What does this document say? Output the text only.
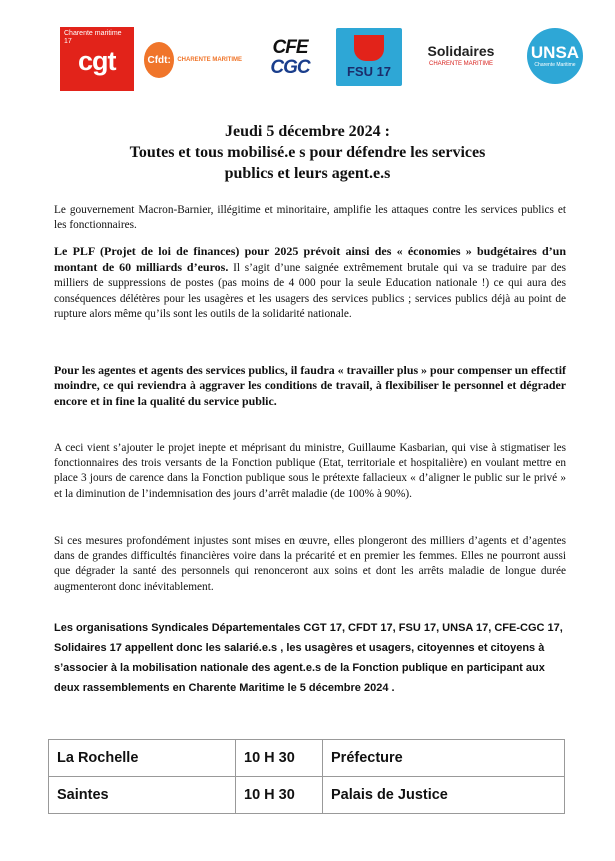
Charente maritime
17
cgt	Cfdt:	CHARENTE MARITIME
CFE
CGC	FSU 17
Solidaires
CHARENTE MARITIME
UNSA
Charente Maritime
Jeudi 5 décembre 2024 :
Toutes et tous mobilisé.e s pour défendre les services
publics et leurs agent.e.s

Le gouvernement Macron-Barnier, illégitime et minoritaire, amplifie les attaques contre les services publics et les fonctionnaires.

Le PLF (Projet de loi de finances) pour 2025 prévoit ainsi des « économies » budgétaires d’un montant de 60 milliards d’euros. Il s’agit d’une saignée extrêmement brutale qui va se traduire par des milliers de suppressions de postes (pas moins de 4 000 pour la seule Education nationale !) ce qui aura des conséquences délétères pour les usagères et les usagers des services publics ; services publics déjà au point de rupture alors même qu’ils sont les outils de la solidarité nationale.

Pour les agentes et agents des services publics, il faudra « travailler plus » pour compenser un effectif moindre, ce qui reviendra à aggraver les conditions de travail, à flexibiliser le personnel et dégrader encore et in fine la qualité du service public.

A ceci vient s’ajouter le projet inepte et méprisant du ministre, Guillaume Kasbarian, qui vise à stigmatiser les fonctionnaires des trois versants de la Fonction publique (Etat, territoriale et hospitalière) en voulant mettre en place 3 jours de carence dans la Fonction publique sous le prétexte fallacieux « d’aligner le public sur le privé » et la diminution de l’indemnisation des jours d’arrêt maladie (de 100% à 90%).

Si ces mesures profondément injustes sont mises en œuvre, elles plongeront des milliers d’agents et d’agentes dans de grandes difficultés financières voire dans la précarité et en premier les femmes. Elles ne pourront aussi que dégrader la santé des personnels qui renonceront aux soins et dont les arrêts maladie de longue durée augmenteront donc inévitablement.

Les organisations Syndicales Départementales CGT 17, CFDT 17, FSU 17, UNSA 17, CFE-CGC 17, Solidaires 17 appellent donc les salarié.e.s , les usagères et usagers, citoyennes et citoyens à s’associer à la mobilisation nationale des agent.e.s de la Fonction publique en participant aux deux rassemblements en Charente Maritime le 5 décembre 2024 .

La Rochelle	10 H 30	Préfecture
Saintes	10 H 30	Palais de Justice
